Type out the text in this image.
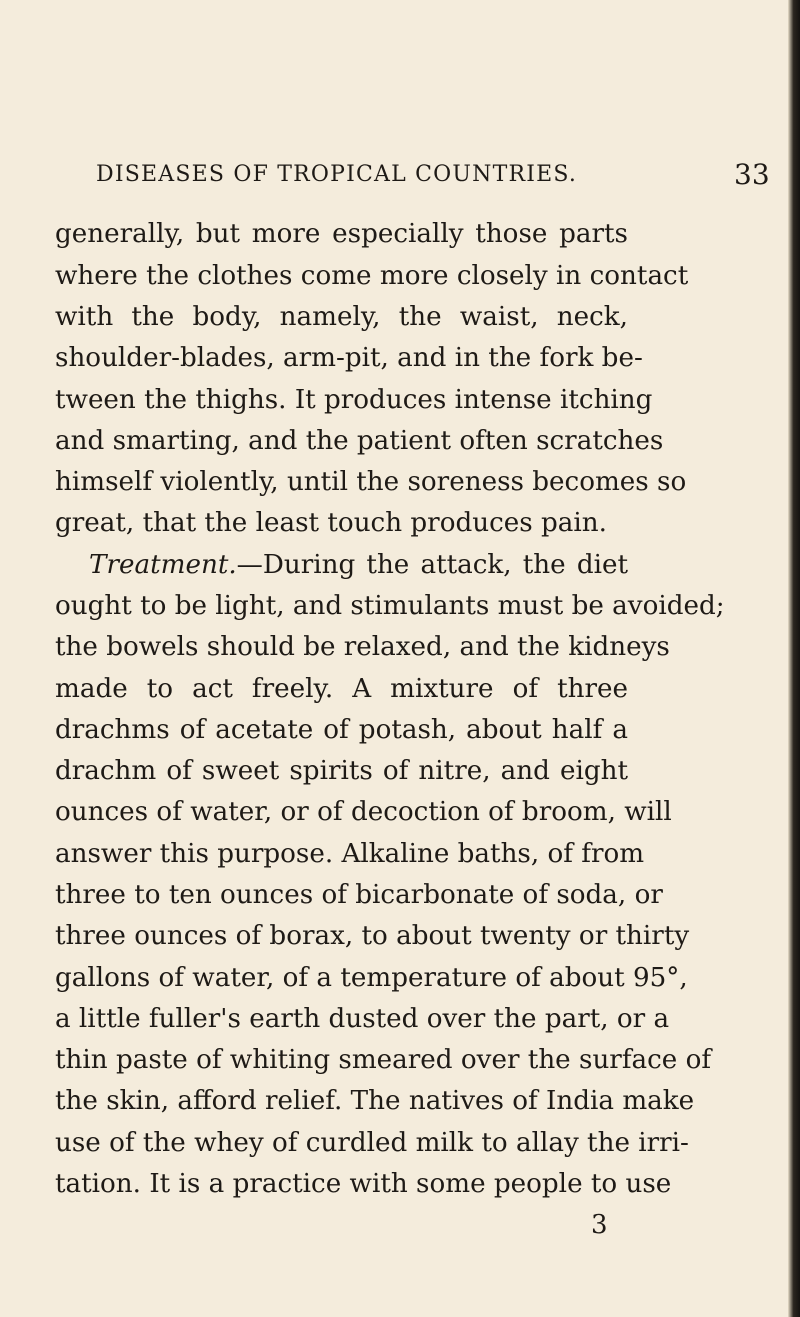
DISEASES OF TROPICAL COUNTRIES.	33
generally, but more especially those parts
where the clothes come more closely in contact
with the body, namely, the waist, neck,
shoulder-blades, arm-pit, and in the fork be-
tween the thighs. It produces intense itching
and smarting, and the patient often scratches
himself violently, until the soreness becomes so
great, that the least touch produces pain.
Treatment.—During the attack, the diet
ought to be light, and stimulants must be avoided;
the bowels should be relaxed, and the kidneys
made to act freely. A mixture of three
drachms of acetate of potash, about half a
drachm of sweet spirits of nitre, and eight
ounces of water, or of decoction of broom, will
answer this purpose. Alkaline baths, of from
three to ten ounces of bicarbonate of soda, or
three ounces of borax, to about twenty or thirty
gallons of water, of a temperature of about 95°,
a little fuller's earth dusted over the part, or a
thin paste of whiting smeared over the surface of
the skin, afford relief. The natives of India make
use of the whey of curdled milk to allay the irri-
tation. It is a practice with some people to use
3
